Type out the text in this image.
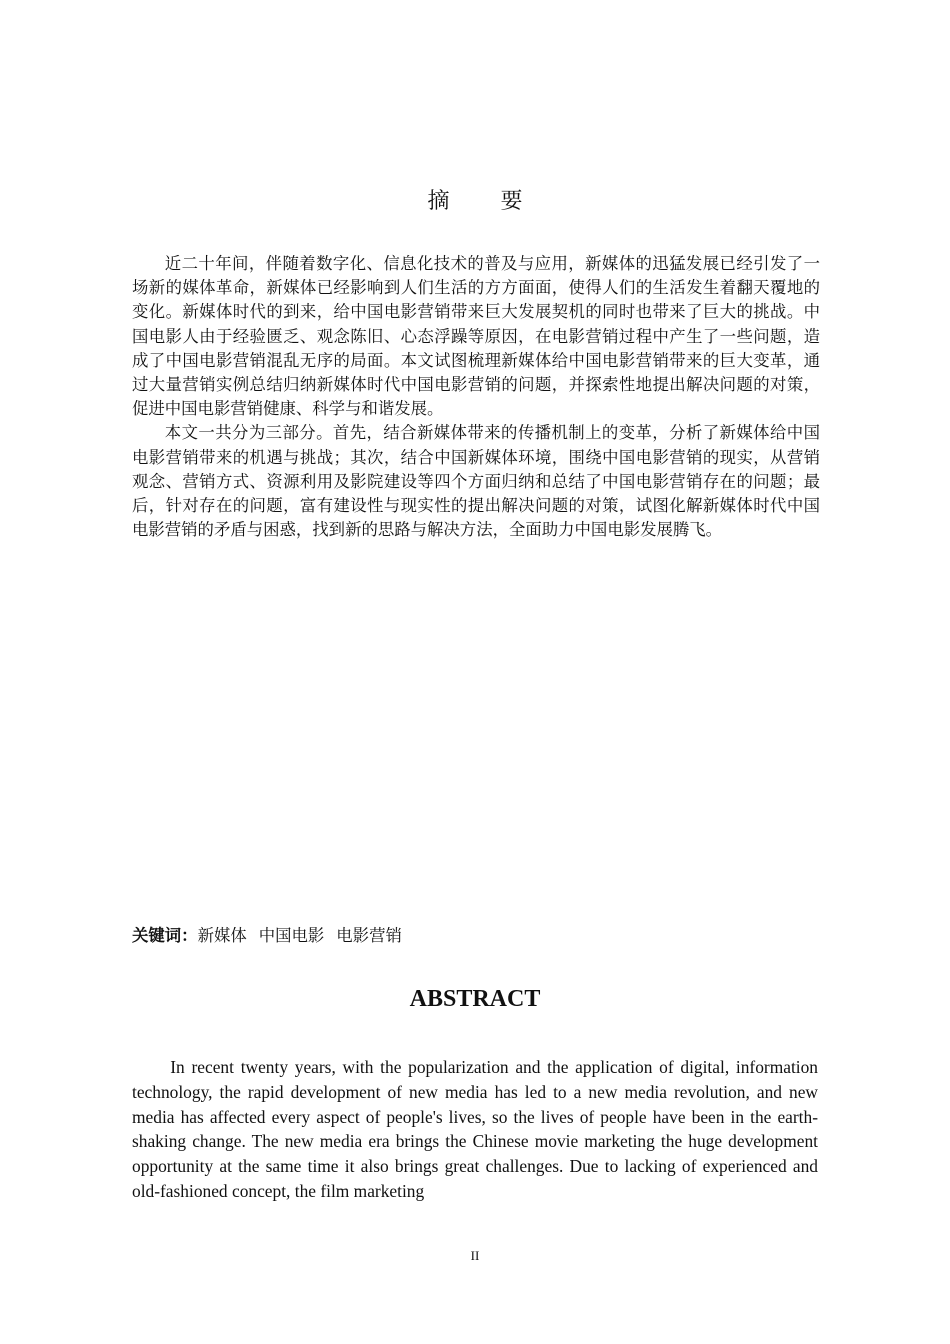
摘 要

近二十年间，伴随着数字化、信息化技术的普及与应用，新媒体的迅猛发展已经引发了一场新的媒体革命，新媒体已经影响到人们生活的方方面面，使得人们的生活发生着翻天覆地的变化。新媒体时代的到来，给中国电影营销带来巨大发展契机的同时也带来了巨大的挑战。中国电影人由于经验匮乏、观念陈旧、心态浮躁等原因，在电影营销过程中产生了一些问题，造成了中国电影营销混乱无序的局面。本文试图梳理新媒体给中国电影营销带来的巨大变革，通过大量营销实例总结归纳新媒体时代中国电影营销的问题，并探索性地提出解决问题的对策，促进中国电影营销健康、科学与和谐发展。

本文一共分为三部分。首先，结合新媒体带来的传播机制上的变革，分析了新媒体给中国电影营销带来的机遇与挑战；其次，结合中国新媒体环境，围绕中国电影营销的现实，从营销观念、营销方式、资源利用及影院建设等四个方面归纳和总结了中国电影营销存在的问题；最后，针对存在的问题，富有建设性与现实性的提出解决问题的对策，试图化解新媒体时代中国电影营销的矛盾与困惑，找到新的思路与解决方法，全面助力中国电影发展腾飞。

关键词：新媒体 中国电影 电影营销
ABSTRACT

In recent twenty years, with the popularization and the application of digital, information technology, the rapid development of new media has led to a new media revolution, and new media has affected every aspect of people's lives, so the lives of people have been in the earth-shaking change. The new media era brings the Chinese movie marketing the huge development opportunity at the same time it also brings great challenges. Due to lacking of experienced and old-fashioned concept, the film marketing

II
